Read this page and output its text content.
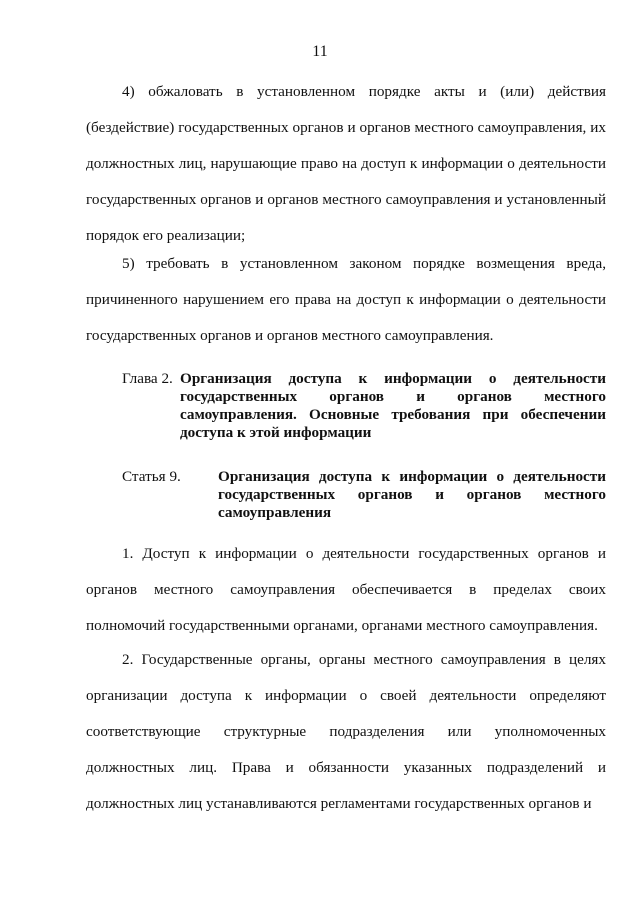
11

4) обжаловать в установленном порядке акты и (или) действия (бездействие) государственных органов и органов местного самоуправления, их должностных лиц, нарушающие право на доступ к информации о деятельности государственных органов и органов местного самоуправления и установленный порядок его реализации;

5) требовать в установленном законом порядке возмещения вреда, причиненного нарушением его права на доступ к информации о деятельности государственных органов и органов местного самоуправления.

Глава 2. Организация доступа к информации о деятельности государственных органов и органов местного самоуправления. Основные требования при обеспечении доступа к этой информации

Статья 9. Организация доступа к информации о деятельности государственных органов и органов местного самоуправления

1. Доступ к информации о деятельности государственных органов и органов местного самоуправления обеспечивается в пределах своих полномочий государственными органами, органами местного самоуправления.

2. Государственные органы, органы местного самоуправления в целях организации доступа к информации о своей деятельности определяют соответствующие структурные подразделения или уполномоченных должностных лиц. Права и обязанности указанных подразделений и должностных лиц устанавливаются регламентами государственных органов и
